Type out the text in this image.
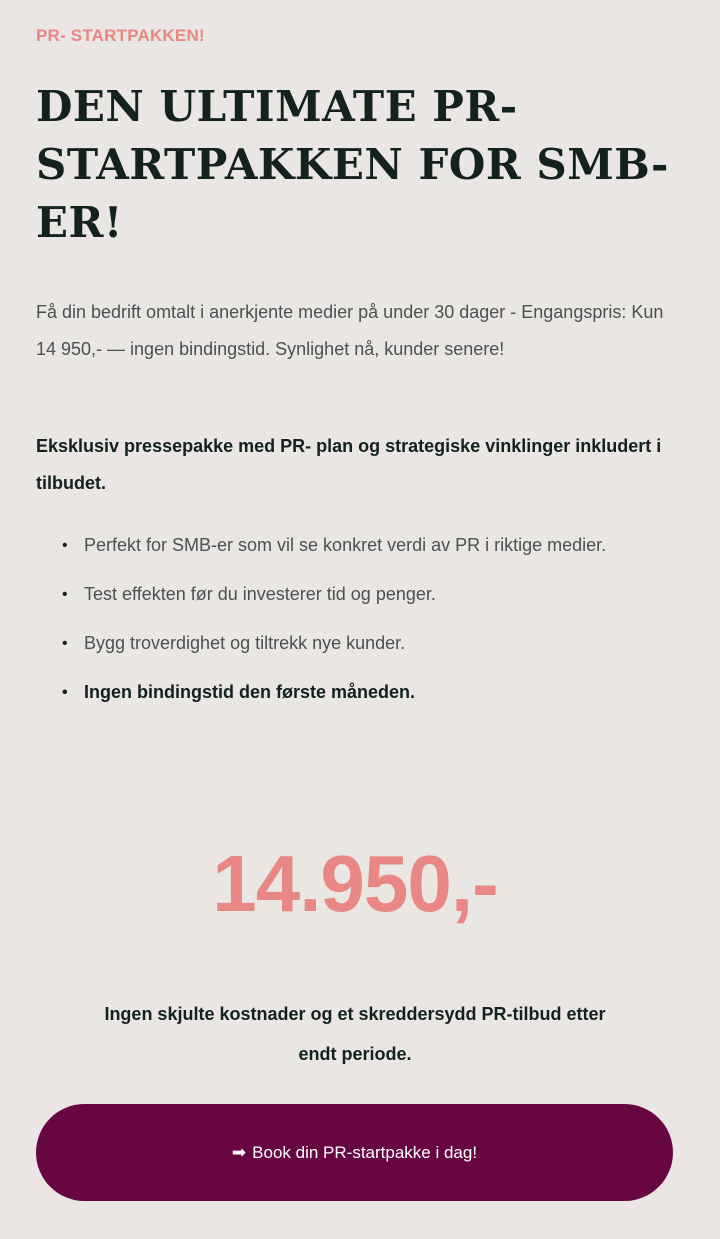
PR- STARTPAKKEN!

DEN ULTIMATE PR-STARTPAKKEN FOR SMB-ER!

Få din bedrift omtalt i anerkjente medier på under 30 dager - Engangspris: Kun 14 950,- — ingen bindingstid. Synlighet nå, kunder senere!

Eksklusiv pressepakke med PR- plan og strategiske vinklinger inkludert i tilbudet.

• Perfekt for SMB-er som vil se konkret verdi av PR i riktige medier.
• Test effekten før du investerer tid og penger.
• Bygg troverdighet og tiltrekk nye kunder.
• Ingen bindingstid den første måneden.

14.950,-

Ingen skjulte kostnader og et skreddersydd PR-tilbud etter endt periode.

➡ Book din PR-startpakke i dag!
